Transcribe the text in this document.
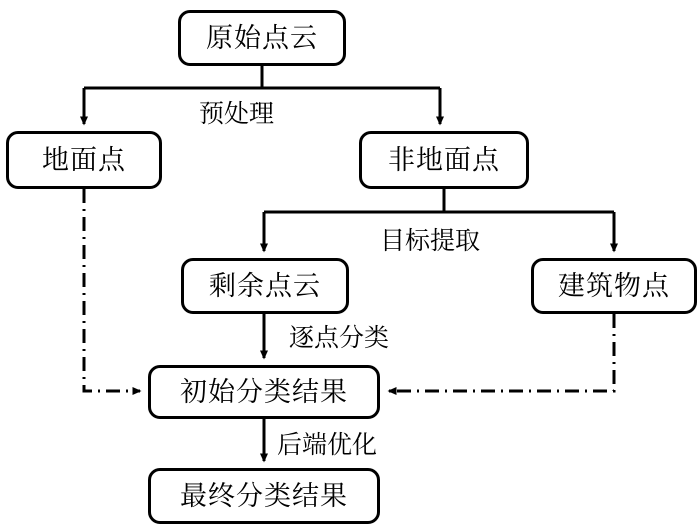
原始点云
地面点	非地面点
剩余点云	建筑物点
初始分类结果
最终分类结果
预处理
目标提取
逐点分类
后端优化
